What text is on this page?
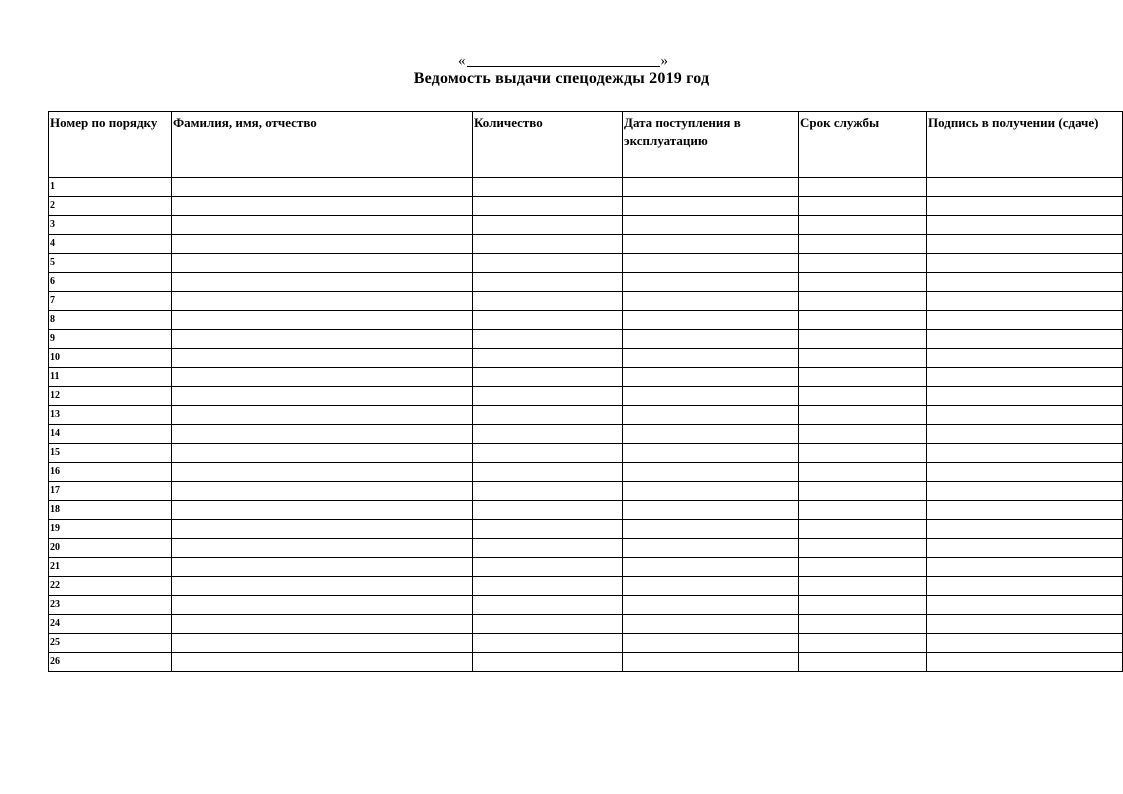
«	»
Ведомость выдачи спецодежды 2019 год
Номер по порядку	Фамилия, имя, отчество	Количество	Дата поступления в эксплуатацию	Срок службы	Подпись в получении (сдаче)
1					
2					
3					
4					
5					
6					
7					
8					
9					
10					
11					
12					
13					
14					
15					
16					
17					
18					
19					
20					
21					
22					
23					
24					
25					
26					
